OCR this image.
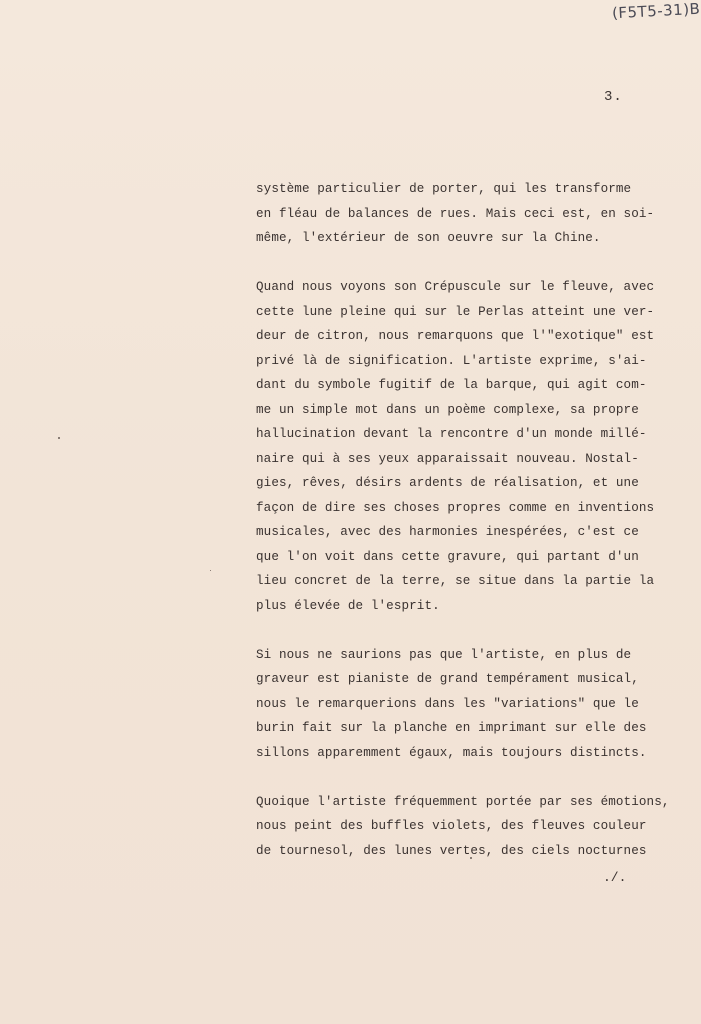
(F5T5-31)B
3.
système particulier de porter, qui les transforme
en fléau de balances de rues. Mais ceci est, en soi-
même, l'extérieur de son oeuvre sur la Chine.
Quand nous voyons son Crépuscule sur le fleuve, avec
cette lune pleine qui sur le Perlas atteint une ver-
deur de citron, nous remarquons que l'"exotique" est
privé là de signification. L'artiste exprime, s'ai-
dant du symbole fugitif de la barque, qui agit com-
me un simple mot dans un poème complexe, sa propre
hallucination devant la rencontre d'un monde millé-
naire qui à ses yeux apparaissait nouveau. Nostal-
gies, rêves, désirs ardents de réalisation, et une
façon de dire ses choses propres comme en inventions
musicales, avec des harmonies inespérées, c'est ce
que l'on voit dans cette gravure, qui partant d'un
lieu concret de la terre, se situe dans la partie la
plus élevée de l'esprit.
Si nous ne saurions pas que l'artiste, en plus de
graveur est pianiste de grand tempérament musical,
nous le remarquerions dans les "variations" que le
burin fait sur la planche en imprimant sur elle des
sillons apparemment égaux, mais toujours distincts.
Quoique l'artiste fréquemment portée par ses émotions,
nous peint des buffles violets, des fleuves couleur
de tournesol, des lunes vertes, des ciels nocturnes
./.
